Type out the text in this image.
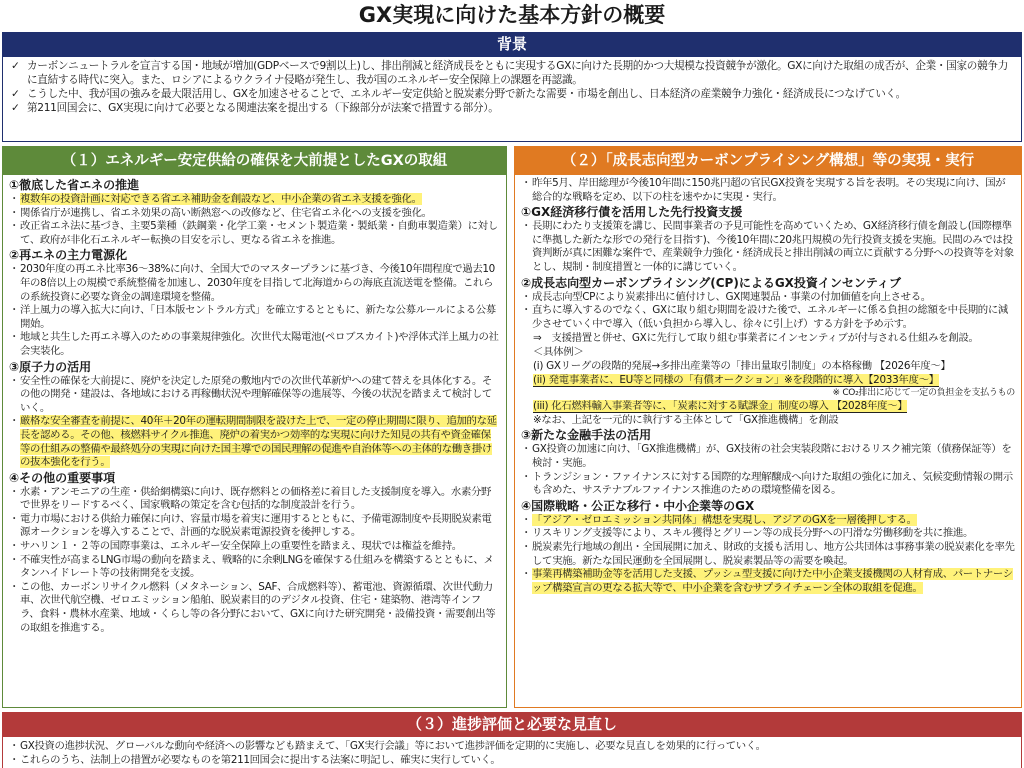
GX実現に向けた基本方針の概要
背景
✓ カーボンニュートラルを宣言する国・地域が増加(GDPベースで9割以上)し、排出削減と経済成長をともに実現するGXに向けた長期的かつ大規模な投資競争が激化。GXに向けた取組の成否が、企業・国家の競争力に直結する時代に突入。また、ロシアによるウクライナ侵略が発生し、我が国のエネルギー安全保障上の課題を再認識。
✓ こうした中、我が国の強みを最大限活用し、GXを加速させることで、エネルギー安定供給と脱炭素分野で新たな需要・市場を創出し、日本経済の産業競争力強化・経済成長につなげていく。
✓ 第211回国会に、GX実現に向けて必要となる関連法案を提出する（下線部分が法案で措置する部分）。
（１）エネルギー安定供給の確保を大前提としたGXの取組
①徹底した省エネの推進
・ 複数年の投資計画に対応できる省エネ補助金を創設など、中小企業の省エネ支援を強化。
・ 関係省庁が連携し、省エネ効果の高い断熱窓への改修など、住宅省エネ化への支援を強化。
・ 改正省エネ法に基づき、主要5業種（鉄鋼業・化学工業・セメント製造業・製紙業・自動車製造業）に対して、政府が非化石エネルギー転換の目安を示し、更なる省エネを推進。
②再エネの主力電源化
・ 2030年度の再エネ比率36～38%に向け、全国大でのマスタープランに基づき、今後10年間程度で過去10年の8倍以上の規模で系統整備を加速し、2030年度を目指して北海道からの海底直流送電を整備。これらの系統投資に必要な資金の調達環境を整備。
・ 洋上風力の導入拡大に向け、「日本版セントラル方式」を確立するとともに、新たな公募ルールによる公募開始。
・ 地域と共生した再エネ導入のための事業規律強化。次世代太陽電池(ペロブスカイト)や浮体式洋上風力の社会実装化。
③原子力の活用
・ 安全性の確保を大前提に、廃炉を決定した原発の敷地内での次世代革新炉への建て替えを具体化する。その他の開発・建設は、各地域における再稼働状況や理解確保等の進展等、今後の状況を踏まえて検討していく。
・ 厳格な安全審査を前提に、40年＋20年の運転期間制限を設けた上で、一定の停止期間に限り、追加的な延長を認める。その他、核燃料サイクル推進、廃炉の着実かつ効率的な実現に向けた知見の共有や資金確保等の仕組みの整備や最終処分の実現に向けた国主導での国民理解の促進や自治体等への主体的な働き掛けの抜本強化を行う。
④その他の重要事項
・ 水素・アンモニアの生産・供給網構築に向け、既存燃料との価格差に着目した支援制度を導入。水素分野で世界をリードするべく、国家戦略の策定を含む包括的な制度設計を行う。
・ 電力市場における供給力確保に向け、容量市場を着実に運用するとともに、予備電源制度や長期脱炭素電源オークションを導入することで、計画的な脱炭素電源投資を後押しする。
・ サハリン１・２等の国際事業は、エネルギー安全保障上の重要性を踏まえ、現状では権益を維持。
・ 不確実性が高まるLNG市場の動向を踏まえ、戦略的に余剰LNGを確保する仕組みを構築するとともに、メタンハイドレート等の技術開発を支援。
・ この他、カーボンリサイクル燃料（メタネーション、SAF、合成燃料等）、蓄電池、資源循環、次世代動力車、次世代航空機、ゼロエミッション船舶、脱炭素目的のデジタル投資、住宅・建築物、港湾等インフラ、食料・農林水産業、地域・くらし等の各分野において、GXに向けた研究開発・設備投資・需要創出等の取組を推進する。
（２）「成長志向型カーボンプライシング構想」等の実現・実行
・ 昨年5月、岸田総理が今後10年間に150兆円超の官民GX投資を実現する旨を表明。その実現に向け、国が総合的な戦略を定め、以下の柱を速やかに実現・実行。
①GX経済移行債を活用した先行投資支援
・ 長期にわたり支援策を講じ、民間事業者の予見可能性を高めていくため、GX経済移行債を創設し(国際標準に準拠した新たな形での発行を目指す)、今後10年間に20兆円規模の先行投資支援を実施。民間のみでは投資判断が真に困難な案件で、産業競争力強化・経済成長と排出削減の両立に貢献する分野への投資等を対象とし、規制・制度措置と一体的に講じていく。
②成長志向型カーボンプライシング(CP)によるGX投資インセンティブ
・ 成長志向型CPにより炭素排出に値付けし、GX関連製品・事業の付加価値を向上させる。
・ 直ちに導入するのでなく、GXに取り組む期間を設けた後で、エネルギーに係る負担の総額を中長期的に減少させていく中で導入（低い負担から導入し、徐々に引上げ）する方針を予め示す。
⇒　支援措置と併せ、GXに先行して取り組む事業者にインセンティブが付与される仕組みを創設。
＜具体例＞
(i) GXリーグの段階的発展→多排出産業等の「排出量取引制度」の本格稼働 【2026年度～】
(ii) 発電事業者に、EU等と同様の「有償オークション」※を段階的に導入【2033年度～】
※ CO₂排出に応じて一定の負担金を支払うもの
(iii) 化石燃料輸入事業者等に、「炭素に対する賦課金」制度の導入 【2028年度～】
※なお、上記を一元的に執行する主体として「GX推進機構」を創設
③新たな金融手法の活用
・ GX投資の加速に向け、「GX推進機構」が、GX技術の社会実装段階におけるリスク補完策（債務保証等）を検討・実施。
・ トランジション・ファイナンスに対する国際的な理解醸成へ向けた取組の強化に加え、気候変動情報の開示も含めた、サステナブルファイナンス推進のための環境整備を図る。
④国際戦略・公正な移行・中小企業等のGX
・ 「アジア・ゼロエミッション共同体」構想を実現し、アジアのGXを一層後押しする。
・ リスキリング支援等により、スキル獲得とグリーン等の成長分野への円滑な労働移動を共に推進。
・ 脱炭素先行地域の創出・全国展開に加え、財政的支援も活用し、地方公共団体は事務事業の脱炭素化を率先して実施。新たな国民運動を全国展開し、脱炭素製品等の需要を喚起。
・ 事業再構築補助金等を活用した支援、プッシュ型支援に向けた中小企業支援機関の人材育成、パートナーシップ構築宣言の更なる拡大等で、中小企業を含むサプライチェーン全体の取組を促進。
（３）進捗評価と必要な見直し
・ GX投資の進捗状況、グローバルな動向や経済への影響なども踏まえて、「GX実行会議」等において進捗評価を定期的に実施し、必要な見直しを効果的に行っていく。
・ これらのうち、法制上の措置が必要なものを第211回国会に提出する法案に明記し、確実に実行していく。
